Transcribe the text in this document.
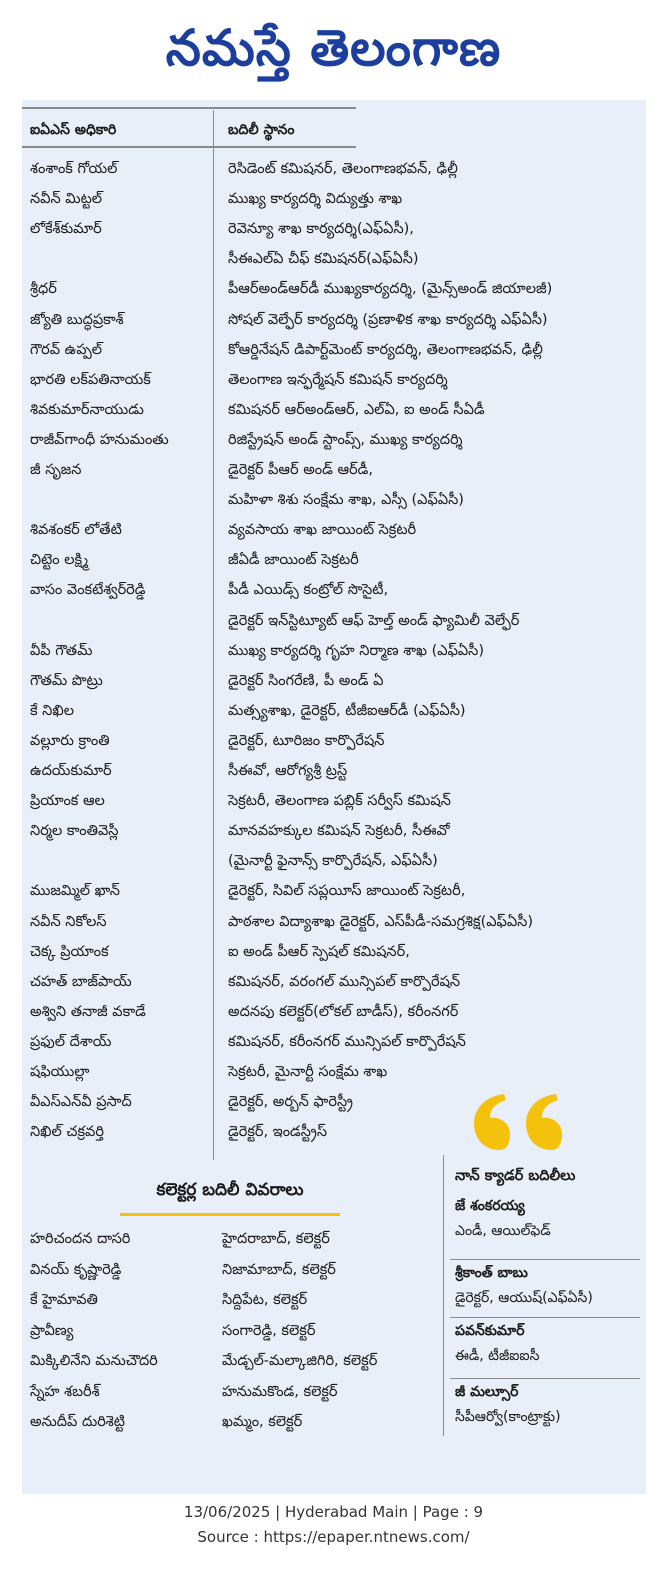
నమస్తే తెలంగాణ
ఐఏఎస్ అధికారి	బదిలీ స్థానం
శంశాంక్ గోయల్	రెసిడెంట్ కమిషనర్, తెలంగాణభవన్, ఢిల్లీ
నవీన్ మిట్టల్	ముఖ్య కార్యదర్శి విద్యుత్తు శాఖ
లోకేశ్‌కుమార్	రెవెన్యూ శాఖ కార్యదర్శి(ఎఫ్ఏసీ),
సీఈఎల్ఏ చీఫ్ కమిషనర్(ఎఫ్ఏసీ)
శ్రీధర్	పీఆర్అండ్ఆర్‌డీ ముఖ్యకార్యదర్శి, (మైన్స్అండ్ జియాలజీ)
జ్యోతి బుద్ధప్రకాశ్	సోషల్ వెల్ఫేర్ కార్యదర్శి (ప్రణాళిక శాఖ కార్యదర్శి ఎఫ్ఏసీ)
గౌరవ్ ఉప్పల్	కోఆర్డినేషన్ డిపార్ట్‌మెంట్ కార్యదర్శి, తెలంగాణభవన్, ఢిల్లీ
భారతి లక్‌పతినాయక్	తెలంగాణ ఇన్ఫర్మేషన్ కమిషన్ కార్యదర్శి
శివకుమార్‌నాయుడు	కమిషనర్ ఆర్అండ్ఆర్, ఎల్ఏ, ఐ అండ్ సీఏడీ
రాజీవ్‌గాంధీ హనుమంతు	రిజిస్ట్రేషన్ అండ్ స్టాంప్స్, ముఖ్య కార్యదర్శి
జీ సృజన	డైరెక్టర్ పీఆర్ అండ్ ఆర్‌డీ,
మహిళా శిశు సంక్షేమ శాఖ, ఎస్సీ (ఎఫ్ఏసీ)
శివశంకర్ లోతేటి	వ్యవసాయ శాఖ జాయింట్ సెక్రటరీ
చిట్టెం లక్ష్మి	జీఏడీ జాయింట్ సెక్రటరీ
వాసం వెంకటేశ్వర్‌రెడ్డి	పీడీ ఎయిడ్స్ కంట్రోల్ సొసైటీ,
డైరెక్టర్ ఇన్‌స్టిట్యూట్ ఆఫ్ హెల్త్ అండ్ ఫ్యామిలీ వెల్ఫేర్
వీపీ గౌతమ్	ముఖ్య కార్యదర్శి గృహ నిర్మాణ శాఖ (ఎఫ్ఏసీ)
గౌతమ్ పొట్రు	డైరెక్టర్ సింగరేణి, పీ అండ్ ఏ
కే నిఖిల	మత్స్యశాఖ, డైరెక్టర్, టీజీఐఆర్‌డీ (ఎఫ్ఏసీ)
వల్లూరు క్రాంతి	డైరెక్టర్, టూరిజం కార్పొరేషన్
ఉదయ్‌కుమార్	సీఈవో, ఆరోగ్యశ్రీ ట్రస్ట్
ప్రియాంక ఆల	సెక్రటరీ, తెలంగాణ పబ్లిక్ సర్వీస్ కమిషన్
నిర్మల కాంతివెస్లీ	మానవహక్కుల కమిషన్ సెక్రటరీ, సీఈవో
(మైనార్టీ ఫైనాన్స్ కార్పొరేషన్, ఎఫ్ఏసీ)
ముజమ్మిల్ ఖాన్	డైరెక్టర్, సివిల్ సప్లయీస్ జాయింట్ సెక్రటరీ,
నవీన్ నికోలస్	పాఠశాల విద్యాశాఖ డైరెక్టర్, ఎస్‌పీడీ-సమగ్రశిక్ష(ఎఫ్ఏసీ)
చెక్క ప్రియాంక	ఐ అండ్ పీఆర్ స్పెషల్ కమిషనర్,
చహత్ బాజ్‌పాయ్	కమిషనర్, వరంగల్ మున్సిపల్ కార్పొరేషన్
అశ్విని తనాజీ వకాడే	అదనపు కలెక్టర్(లోకల్ బాడీస్), కరీంనగర్
ప్రఫుల్ దేశాయ్	కమిషనర్, కరీంనగర్ మున్సిపల్ కార్పొరేషన్
షఫియుల్లా	సెక్రటరీ, మైనార్టీ సంక్షేమ శాఖ
వీఎస్ఎన్‌వీ ప్రసాద్	డైరెక్టర్, అర్బన్ ఫారెస్ట్రీ
నిఖిల్ చక్రవర్తి	డైరెక్టర్, ఇండస్ట్రీస్
కలెక్టర్ల బదిలీ వివరాలు
హరిచందన దాసరి	హైదరాబాద్, కలెక్టర్
వినయ్ కృష్ణారెడ్డి	నిజామాబాద్, కలెక్టర్
కే హైమావతి	సిద్దిపేట, కలెక్టర్
ప్రావీణ్య	సంగారెడ్డి, కలెక్టర్
మిక్కిలినేని మనుచౌదరి	మేడ్చల్-మల్కాజిగిరి, కలెక్టర్
స్నేహ శబరీశ్	హనుమకొండ, కలెక్టర్
అనుదీప్ దురిశెట్టి	ఖమ్మం, కలెక్టర్
నాన్ క్యాడర్ బదిలీలు
జే శంకరయ్య
ఎండీ, ఆయిల్‌ఫెడ్
శ్రీకాంత్ బాబు
డైరెక్టర్, ఆయుష్(ఎఫ్ఏసీ)
పవన్‌కుమార్
ఈడీ, టీజీఐఐసీ
జీ మల్సూర్
సీపీఆర్వో(కాంట్రాక్టు)
13/06/2025 | Hyderabad Main | Page : 9
Source : https://epaper.ntnews.com/
